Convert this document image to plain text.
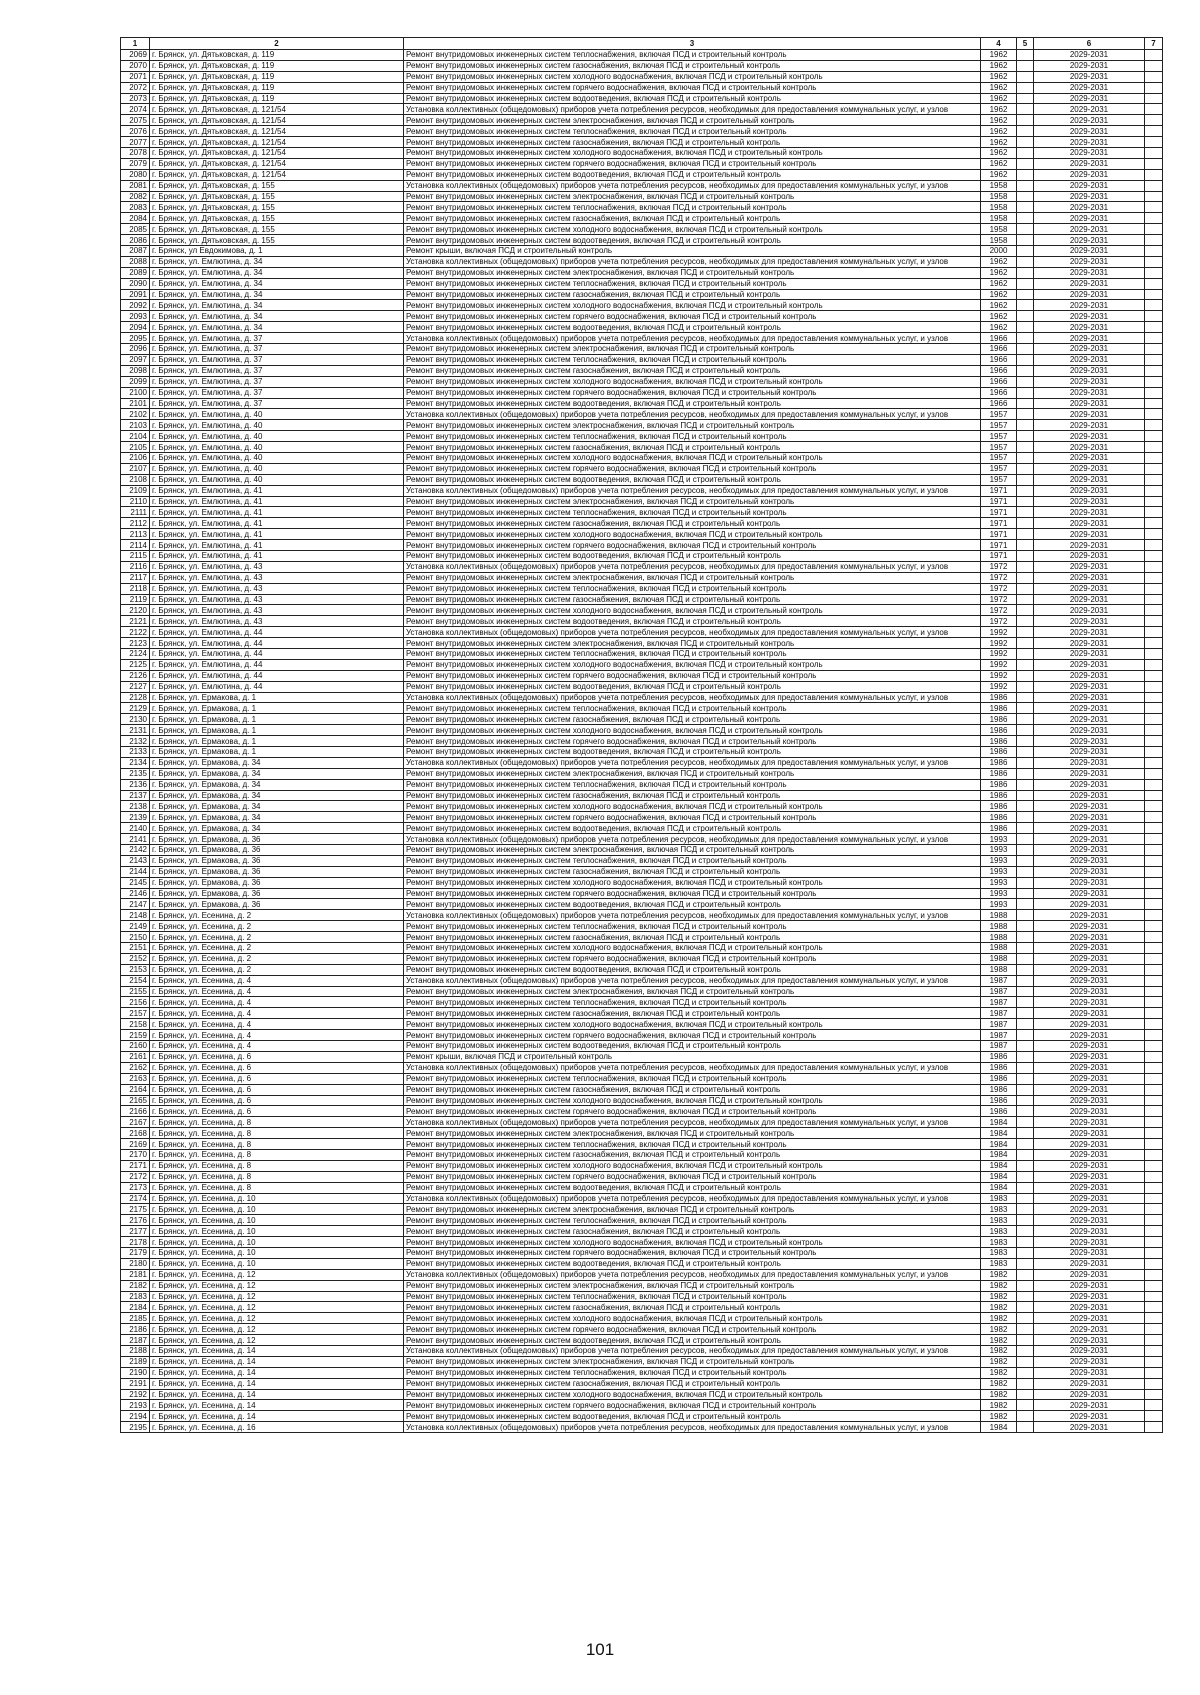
1	2	3	4	5	6	7
2069	г. Брянск, ул. Дятьковская, д. 119	Ремонт внутридомовых инженерных систем теплоснабжения, включая ПСД и строительный контроль	1962		2029-2031	
2070	г. Брянск, ул. Дятьковская, д. 119	Ремонт внутридомовых инженерных систем газоснабжения, включая ПСД и строительный контроль	1962		2029-2031	
2071	г. Брянск, ул. Дятьковская, д. 119	Ремонт внутридомовых инженерных систем холодного водоснабжения, включая ПСД и строительный контроль	1962		2029-2031	
2072	г. Брянск, ул. Дятьковская, д. 119	Ремонт внутридомовых инженерных систем горячего водоснабжения, включая ПСД и строительный контроль	1962		2029-2031	
2073	г. Брянск, ул. Дятьковская, д. 119	Ремонт внутридомовых инженерных систем водоотведения, включая ПСД и строительный контроль	1962		2029-2031	
2074	г. Брянск, ул. Дятьковская, д. 121/54	Установка коллективных (общедомовых) приборов учета потребления ресурсов, необходимых для предоставления коммунальных услуг, и узлов	1962		2029-2031	
2075	г. Брянск, ул. Дятьковская, д. 121/54	Ремонт внутридомовых инженерных систем электроснабжения, включая ПСД и строительный контроль	1962		2029-2031	
2076	г. Брянск, ул. Дятьковская, д. 121/54	Ремонт внутридомовых инженерных систем теплоснабжения, включая ПСД и строительный контроль	1962		2029-2031	
2077	г. Брянск, ул. Дятьковская, д. 121/54	Ремонт внутридомовых инженерных систем газоснабжения, включая ПСД и строительный контроль	1962		2029-2031	
2078	г. Брянск, ул. Дятьковская, д. 121/54	Ремонт внутридомовых инженерных систем холодного водоснабжения, включая ПСД и строительный контроль	1962		2029-2031	
2079	г. Брянск, ул. Дятьковская, д. 121/54	Ремонт внутридомовых инженерных систем горячего водоснабжения, включая ПСД и строительный контроль	1962		2029-2031	
2080	г. Брянск, ул. Дятьковская, д. 121/54	Ремонт внутридомовых инженерных систем водоотведения, включая ПСД и строительный контроль	1962		2029-2031	
2081	г. Брянск, ул. Дятьковская, д. 155	Установка коллективных (общедомовых) приборов учета потребления ресурсов, необходимых для предоставления коммунальных услуг, и узлов	1958		2029-2031	
2082	г. Брянск, ул. Дятьковская, д. 155	Ремонт внутридомовых инженерных систем электроснабжения, включая ПСД и строительный контроль	1958		2029-2031	
2083	г. Брянск, ул. Дятьковская, д. 155	Ремонт внутридомовых инженерных систем теплоснабжения, включая ПСД и строительный контроль	1958		2029-2031	
2084	г. Брянск, ул. Дятьковская, д. 155	Ремонт внутридомовых инженерных систем газоснабжения, включая ПСД и строительный контроль	1958		2029-2031	
2085	г. Брянск, ул. Дятьковская, д. 155	Ремонт внутридомовых инженерных систем холодного водоснабжения, включая ПСД и строительный контроль	1958		2029-2031	
2086	г. Брянск, ул. Дятьковская, д. 155	Ремонт внутридомовых инженерных систем водоотведения, включая ПСД и строительный контроль	1958		2029-2031	
2087	г. Брянск, ул Евдокимова, д. 1	Ремонт крыши, включая ПСД и строительный контроль	2000		2029-2031	
2088	г. Брянск, ул. Емлютина, д. 34	Установка коллективных (общедомовых) приборов учета потребления ресурсов, необходимых для предоставления коммунальных услуг, и узлов	1962		2029-2031	
2089	г. Брянск, ул. Емлютина, д. 34	Ремонт внутридомовых инженерных систем электроснабжения, включая ПСД и строительный контроль	1962		2029-2031	
2090	г. Брянск, ул. Емлютина, д. 34	Ремонт внутридомовых инженерных систем теплоснабжения, включая ПСД и строительный контроль	1962		2029-2031	
2091	г. Брянск, ул. Емлютина, д. 34	Ремонт внутридомовых инженерных систем газоснабжения, включая ПСД и строительный контроль	1962		2029-2031	
2092	г. Брянск, ул. Емлютина, д. 34	Ремонт внутридомовых инженерных систем холодного водоснабжения, включая ПСД и строительный контроль	1962		2029-2031	
2093	г. Брянск, ул. Емлютина, д. 34	Ремонт внутридомовых инженерных систем горячего водоснабжения, включая ПСД и строительный контроль	1962		2029-2031	
2094	г. Брянск, ул. Емлютина, д. 34	Ремонт внутридомовых инженерных систем водоотведения, включая ПСД и строительный контроль	1962		2029-2031	
2095	г. Брянск, ул. Емлютина, д. 37	Установка коллективных (общедомовых) приборов учета потребления ресурсов, необходимых для предоставления коммунальных услуг, и узлов	1966		2029-2031	
2096	г. Брянск, ул. Емлютина, д. 37	Ремонт внутридомовых инженерных систем электроснабжения, включая ПСД и строительный контроль	1966		2029-2031	
2097	г. Брянск, ул. Емлютина, д. 37	Ремонт внутридомовых инженерных систем теплоснабжения, включая ПСД и строительный контроль	1966		2029-2031	
2098	г. Брянск, ул. Емлютина, д. 37	Ремонт внутридомовых инженерных систем газоснабжения, включая ПСД и строительный контроль	1966		2029-2031	
2099	г. Брянск, ул. Емлютина, д. 37	Ремонт внутридомовых инженерных систем холодного водоснабжения, включая ПСД и строительный контроль	1966		2029-2031	
2100	г. Брянск, ул. Емлютина, д. 37	Ремонт внутридомовых инженерных систем горячего водоснабжения, включая ПСД и строительный контроль	1966		2029-2031	
2101	г. Брянск, ул. Емлютина, д. 37	Ремонт внутридомовых инженерных систем водоотведения, включая ПСД и строительный контроль	1966		2029-2031	
2102	г. Брянск, ул. Емлютина, д. 40	Установка коллективных (общедомовых) приборов учета потребления ресурсов, необходимых для предоставления коммунальных услуг, и узлов	1957		2029-2031	
2103	г. Брянск, ул. Емлютина, д. 40	Ремонт внутридомовых инженерных систем электроснабжения, включая ПСД и строительный контроль	1957		2029-2031	
2104	г. Брянск, ул. Емлютина, д. 40	Ремонт внутридомовых инженерных систем теплоснабжения, включая ПСД и строительный контроль	1957		2029-2031	
2105	г. Брянск, ул. Емлютина, д. 40	Ремонт внутридомовых инженерных систем газоснабжения, включая ПСД и строительный контроль	1957		2029-2031	
2106	г. Брянск, ул. Емлютина, д. 40	Ремонт внутридомовых инженерных систем холодного водоснабжения, включая ПСД и строительный контроль	1957		2029-2031	
2107	г. Брянск, ул. Емлютина, д. 40	Ремонт внутридомовых инженерных систем горячего водоснабжения, включая ПСД и строительный контроль	1957		2029-2031	
2108	г. Брянск, ул. Емлютина, д. 40	Ремонт внутридомовых инженерных систем водоотведения, включая ПСД и строительный контроль	1957		2029-2031	
2109	г. Брянск, ул. Емлютина, д. 41	Установка коллективных (общедомовых) приборов учета потребления ресурсов, необходимых для предоставления коммунальных услуг, и узлов	1971		2029-2031	
2110	г. Брянск, ул. Емлютина, д. 41	Ремонт внутридомовых инженерных систем электроснабжения, включая ПСД и строительный контроль	1971		2029-2031	
2111	г. Брянск, ул. Емлютина, д. 41	Ремонт внутридомовых инженерных систем теплоснабжения, включая ПСД и строительный контроль	1971		2029-2031	
2112	г. Брянск, ул. Емлютина, д. 41	Ремонт внутридомовых инженерных систем газоснабжения, включая ПСД и строительный контроль	1971		2029-2031	
2113	г. Брянск, ул. Емлютина, д. 41	Ремонт внутридомовых инженерных систем холодного водоснабжения, включая ПСД и строительный контроль	1971		2029-2031	
2114	г. Брянск, ул. Емлютина, д. 41	Ремонт внутридомовых инженерных систем горячего водоснабжения, включая ПСД и строительный контроль	1971		2029-2031	
2115	г. Брянск, ул. Емлютина, д. 41	Ремонт внутридомовых инженерных систем водоотведения, включая ПСД и строительный контроль	1971		2029-2031	
2116	г. Брянск, ул. Емлютина, д. 43	Установка коллективных (общедомовых) приборов учета потребления ресурсов, необходимых для предоставления коммунальных услуг, и узлов	1972		2029-2031	
2117	г. Брянск, ул. Емлютина, д. 43	Ремонт внутридомовых инженерных систем электроснабжения, включая ПСД и строительный контроль	1972		2029-2031	
2118	г. Брянск, ул. Емлютина, д. 43	Ремонт внутридомовых инженерных систем теплоснабжения, включая ПСД и строительный контроль	1972		2029-2031	
2119	г. Брянск, ул. Емлютина, д. 43	Ремонт внутридомовых инженерных систем газоснабжения, включая ПСД и строительный контроль	1972		2029-2031	
2120	г. Брянск, ул. Емлютина, д. 43	Ремонт внутридомовых инженерных систем холодного водоснабжения, включая ПСД и строительный контроль	1972		2029-2031	
2121	г. Брянск, ул. Емлютина, д. 43	Ремонт внутридомовых инженерных систем водоотведения, включая ПСД и строительный контроль	1972		2029-2031	
2122	г. Брянск, ул. Емлютина, д. 44	Установка коллективных (общедомовых) приборов учета потребления ресурсов, необходимых для предоставления коммунальных услуг, и узлов	1992		2029-2031	
2123	г. Брянск, ул. Емлютина, д. 44	Ремонт внутридомовых инженерных систем электроснабжения, включая ПСД и строительный контроль	1992		2029-2031	
2124	г. Брянск, ул. Емлютина, д. 44	Ремонт внутридомовых инженерных систем теплоснабжения, включая ПСД и строительный контроль	1992		2029-2031	
2125	г. Брянск, ул. Емлютина, д. 44	Ремонт внутридомовых инженерных систем холодного водоснабжения, включая ПСД и строительный контроль	1992		2029-2031	
2126	г. Брянск, ул. Емлютина, д. 44	Ремонт внутридомовых инженерных систем горячего водоснабжения, включая ПСД и строительный контроль	1992		2029-2031	
2127	г. Брянск, ул. Емлютина, д. 44	Ремонт внутридомовых инженерных систем водоотведения, включая ПСД и строительный контроль	1992		2029-2031	
2128	г. Брянск, ул. Ермакова, д. 1	Установка коллективных (общедомовых) приборов учета потребления ресурсов, необходимых для предоставления коммунальных услуг, и узлов	1986		2029-2031	
2129	г. Брянск, ул. Ермакова, д. 1	Ремонт внутридомовых инженерных систем теплоснабжения, включая ПСД и строительный контроль	1986		2029-2031	
2130	г. Брянск, ул. Ермакова, д. 1	Ремонт внутридомовых инженерных систем газоснабжения, включая ПСД и строительный контроль	1986		2029-2031	
2131	г. Брянск, ул. Ермакова, д. 1	Ремонт внутридомовых инженерных систем холодного водоснабжения, включая ПСД и строительный контроль	1986		2029-2031	
2132	г. Брянск, ул. Ермакова, д. 1	Ремонт внутридомовых инженерных систем горячего водоснабжения, включая ПСД и строительный контроль	1986		2029-2031	
2133	г. Брянск, ул. Ермакова, д. 1	Ремонт внутридомовых инженерных систем водоотведения, включая ПСД и строительный контроль	1986		2029-2031	
2134	г. Брянск, ул. Ермакова, д. 34	Установка коллективных (общедомовых) приборов учета потребления ресурсов, необходимых для предоставления коммунальных услуг, и узлов	1986		2029-2031	
2135	г. Брянск, ул. Ермакова, д. 34	Ремонт внутридомовых инженерных систем электроснабжения, включая ПСД и строительный контроль	1986		2029-2031	
2136	г. Брянск, ул. Ермакова, д. 34	Ремонт внутридомовых инженерных систем теплоснабжения, включая ПСД и строительный контроль	1986		2029-2031	
2137	г. Брянск, ул. Ермакова, д. 34	Ремонт внутридомовых инженерных систем газоснабжения, включая ПСД и строительный контроль	1986		2029-2031	
2138	г. Брянск, ул. Ермакова, д. 34	Ремонт внутридомовых инженерных систем холодного водоснабжения, включая ПСД и строительный контроль	1986		2029-2031	
2139	г. Брянск, ул. Ермакова, д. 34	Ремонт внутридомовых инженерных систем горячего водоснабжения, включая ПСД и строительный контроль	1986		2029-2031	
2140	г. Брянск, ул. Ермакова, д. 34	Ремонт внутридомовых инженерных систем водоотведения, включая ПСД и строительный контроль	1986		2029-2031	
2141	г. Брянск, ул. Ермакова, д. 36	Установка коллективных (общедомовых) приборов учета потребления ресурсов, необходимых для предоставления коммунальных услуг, и узлов	1993		2029-2031	
2142	г. Брянск, ул. Ермакова, д. 36	Ремонт внутридомовых инженерных систем электроснабжения, включая ПСД и строительный контроль	1993		2029-2031	
2143	г. Брянск, ул. Ермакова, д. 36	Ремонт внутридомовых инженерных систем теплоснабжения, включая ПСД и строительный контроль	1993		2029-2031	
2144	г. Брянск, ул. Ермакова, д. 36	Ремонт внутридомовых инженерных систем газоснабжения, включая ПСД и строительный контроль	1993		2029-2031	
2145	г. Брянск, ул. Ермакова, д. 36	Ремонт внутридомовых инженерных систем холодного водоснабжения, включая ПСД и строительный контроль	1993		2029-2031	
2146	г. Брянск, ул. Ермакова, д. 36	Ремонт внутридомовых инженерных систем горячего водоснабжения, включая ПСД и строительный контроль	1993		2029-2031	
2147	г. Брянск, ул. Ермакова, д. 36	Ремонт внутридомовых инженерных систем водоотведения, включая ПСД и строительный контроль	1993		2029-2031	
2148	г. Брянск, ул. Есенина, д. 2	Установка коллективных (общедомовых) приборов учета потребления ресурсов, необходимых для предоставления коммунальных услуг, и узлов	1988		2029-2031	
2149	г. Брянск, ул. Есенина, д. 2	Ремонт внутридомовых инженерных систем теплоснабжения, включая ПСД и строительный контроль	1988		2029-2031	
2150	г. Брянск, ул. Есенина, д. 2	Ремонт внутридомовых инженерных систем газоснабжения, включая ПСД и строительный контроль	1988		2029-2031	
2151	г. Брянск, ул. Есенина, д. 2	Ремонт внутридомовых инженерных систем холодного водоснабжения, включая ПСД и строительный контроль	1988		2029-2031	
2152	г. Брянск, ул. Есенина, д. 2	Ремонт внутридомовых инженерных систем горячего водоснабжения, включая ПСД и строительный контроль	1988		2029-2031	
2153	г. Брянск, ул. Есенина, д. 2	Ремонт внутридомовых инженерных систем водоотведения, включая ПСД и строительный контроль	1988		2029-2031	
2154	г. Брянск, ул. Есенина, д. 4	Установка коллективных (общедомовых) приборов учета потребления ресурсов, необходимых для предоставления коммунальных услуг, и узлов	1987		2029-2031	
2155	г. Брянск, ул. Есенина, д. 4	Ремонт внутридомовых инженерных систем электроснабжения, включая ПСД и строительный контроль	1987		2029-2031	
2156	г. Брянск, ул. Есенина, д. 4	Ремонт внутридомовых инженерных систем теплоснабжения, включая ПСД и строительный контроль	1987		2029-2031	
2157	г. Брянск, ул. Есенина, д. 4	Ремонт внутридомовых инженерных систем газоснабжения, включая ПСД и строительный контроль	1987		2029-2031	
2158	г. Брянск, ул. Есенина, д. 4	Ремонт внутридомовых инженерных систем холодного водоснабжения, включая ПСД и строительный контроль	1987		2029-2031	
2159	г. Брянск, ул. Есенина, д. 4	Ремонт внутридомовых инженерных систем горячего водоснабжения, включая ПСД и строительный контроль	1987		2029-2031	
2160	г. Брянск, ул. Есенина, д. 4	Ремонт внутридомовых инженерных систем водоотведения, включая ПСД и строительный контроль	1987		2029-2031	
2161	г. Брянск, ул. Есенина, д. 6	Ремонт крыши, включая ПСД и строительный контроль	1986		2029-2031	
2162	г. Брянск, ул. Есенина, д. 6	Установка коллективных (общедомовых) приборов учета потребления ресурсов, необходимых для предоставления коммунальных услуг, и узлов	1986		2029-2031	
2163	г. Брянск, ул. Есенина, д. 6	Ремонт внутридомовых инженерных систем теплоснабжения, включая ПСД и строительный контроль	1986		2029-2031	
2164	г. Брянск, ул. Есенина, д. 6	Ремонт внутридомовых инженерных систем газоснабжения, включая ПСД и строительный контроль	1986		2029-2031	
2165	г. Брянск, ул. Есенина, д. 6	Ремонт внутридомовых инженерных систем холодного водоснабжения, включая ПСД и строительный контроль	1986		2029-2031	
2166	г. Брянск, ул. Есенина, д. 6	Ремонт внутридомовых инженерных систем горячего водоснабжения, включая ПСД и строительный контроль	1986		2029-2031	
2167	г. Брянск, ул. Есенина, д. 8	Установка коллективных (общедомовых) приборов учета потребления ресурсов, необходимых для предоставления коммунальных услуг, и узлов	1984		2029-2031	
2168	г. Брянск, ул. Есенина, д. 8	Ремонт внутридомовых инженерных систем электроснабжения, включая ПСД и строительный контроль	1984		2029-2031	
2169	г. Брянск, ул. Есенина, д. 8	Ремонт внутридомовых инженерных систем теплоснабжения, включая ПСД и строительный контроль	1984		2029-2031	
2170	г. Брянск, ул. Есенина, д. 8	Ремонт внутридомовых инженерных систем газоснабжения, включая ПСД и строительный контроль	1984		2029-2031	
2171	г. Брянск, ул. Есенина, д. 8	Ремонт внутридомовых инженерных систем холодного водоснабжения, включая ПСД и строительный контроль	1984		2029-2031	
2172	г. Брянск, ул. Есенина, д. 8	Ремонт внутридомовых инженерных систем горячего водоснабжения, включая ПСД и строительный контроль	1984		2029-2031	
2173	г. Брянск, ул. Есенина, д. 8	Ремонт внутридомовых инженерных систем водоотведения, включая ПСД и строительный контроль	1984		2029-2031	
2174	г. Брянск, ул. Есенина, д. 10	Установка коллективных (общедомовых) приборов учета потребления ресурсов, необходимых для предоставления коммунальных услуг, и узлов	1983		2029-2031	
2175	г. Брянск, ул. Есенина, д. 10	Ремонт внутридомовых инженерных систем электроснабжения, включая ПСД и строительный контроль	1983		2029-2031	
2176	г. Брянск, ул. Есенина, д. 10	Ремонт внутридомовых инженерных систем теплоснабжения, включая ПСД и строительный контроль	1983		2029-2031	
2177	г. Брянск, ул. Есенина, д. 10	Ремонт внутридомовых инженерных систем газоснабжения, включая ПСД и строительный контроль	1983		2029-2031	
2178	г. Брянск, ул. Есенина, д. 10	Ремонт внутридомовых инженерных систем холодного водоснабжения, включая ПСД и строительный контроль	1983		2029-2031	
2179	г. Брянск, ул. Есенина, д. 10	Ремонт внутридомовых инженерных систем горячего водоснабжения, включая ПСД и строительный контроль	1983		2029-2031	
2180	г. Брянск, ул. Есенина, д. 10	Ремонт внутридомовых инженерных систем водоотведения, включая ПСД и строительный контроль	1983		2029-2031	
2181	г. Брянск, ул. Есенина, д. 12	Установка коллективных (общедомовых) приборов учета потребления ресурсов, необходимых для предоставления коммунальных услуг, и узлов	1982		2029-2031	
2182	г. Брянск, ул. Есенина, д. 12	Ремонт внутридомовых инженерных систем электроснабжения, включая ПСД и строительный контроль	1982		2029-2031	
2183	г. Брянск, ул. Есенина, д. 12	Ремонт внутридомовых инженерных систем теплоснабжения, включая ПСД и строительный контроль	1982		2029-2031	
2184	г. Брянск, ул. Есенина, д. 12	Ремонт внутридомовых инженерных систем газоснабжения, включая ПСД и строительный контроль	1982		2029-2031	
2185	г. Брянск, ул. Есенина, д. 12	Ремонт внутридомовых инженерных систем холодного водоснабжения, включая ПСД и строительный контроль	1982		2029-2031	
2186	г. Брянск, ул. Есенина, д. 12	Ремонт внутридомовых инженерных систем горячего водоснабжения, включая ПСД и строительный контроль	1982		2029-2031	
2187	г. Брянск, ул. Есенина, д. 12	Ремонт внутридомовых инженерных систем водоотведения, включая ПСД и строительный контроль	1982		2029-2031	
2188	г. Брянск, ул. Есенина, д. 14	Установка коллективных (общедомовых) приборов учета потребления ресурсов, необходимых для предоставления коммунальных услуг, и узлов	1982		2029-2031	
2189	г. Брянск, ул. Есенина, д. 14	Ремонт внутридомовых инженерных систем электроснабжения, включая ПСД и строительный контроль	1982		2029-2031	
2190	г. Брянск, ул. Есенина, д. 14	Ремонт внутридомовых инженерных систем теплоснабжения, включая ПСД и строительный контроль	1982		2029-2031	
2191	г. Брянск, ул. Есенина, д. 14	Ремонт внутридомовых инженерных систем газоснабжения, включая ПСД и строительный контроль	1982		2029-2031	
2192	г. Брянск, ул. Есенина, д. 14	Ремонт внутридомовых инженерных систем холодного водоснабжения, включая ПСД и строительный контроль	1982		2029-2031	
2193	г. Брянск, ул. Есенина, д. 14	Ремонт внутридомовых инженерных систем горячего водоснабжения, включая ПСД и строительный контроль	1982		2029-2031	
2194	г. Брянск, ул. Есенина, д. 14	Ремонт внутридомовых инженерных систем водоотведения, включая ПСД и строительный контроль	1982		2029-2031	
2195	г. Брянск, ул. Есенина, д. 16	Установка коллективных (общедомовых) приборов учета потребления ресурсов, необходимых для предоставления коммунальных услуг, и узлов	1984		2029-2031	
101
